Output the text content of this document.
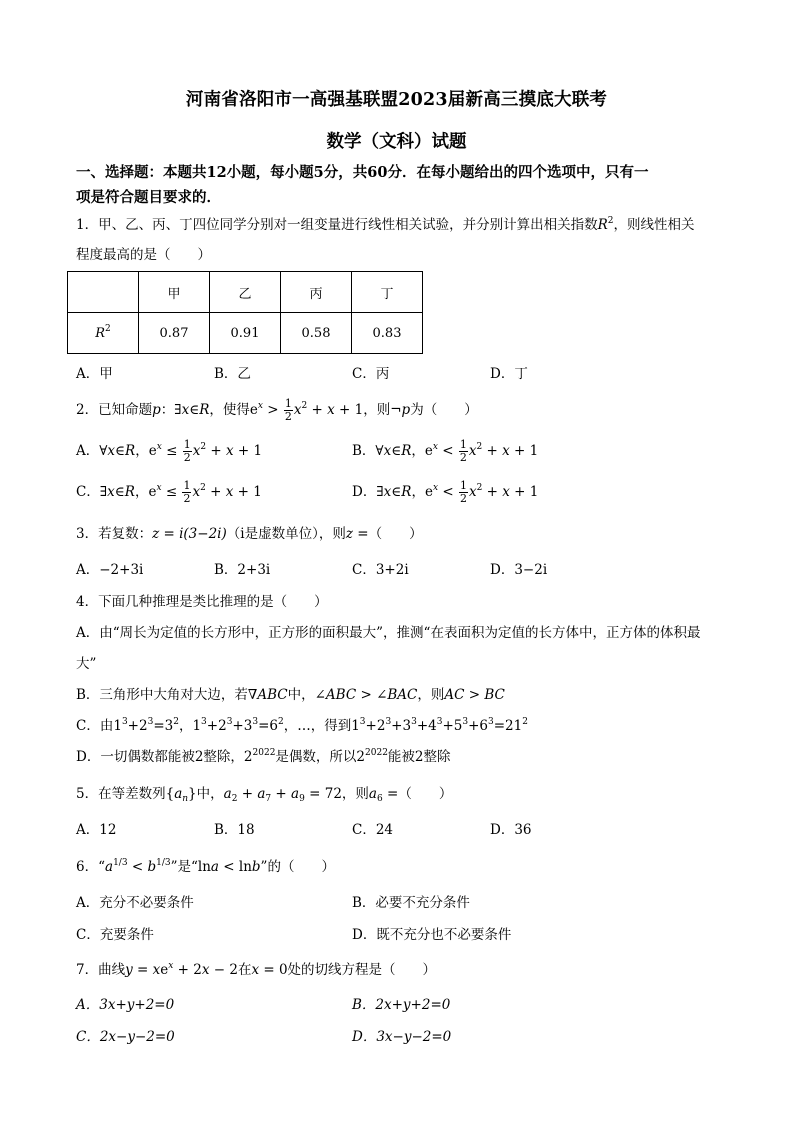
河南省洛阳市一高强基联盟2023届新高三摸底大联考
数学（文科）试题
一、选择题：本题共12小题，每小题5分，共60分．在每小题给出的四个选项中，只有一
项是符合题目要求的．
1．甲、乙、丙、丁四位同学分别对一组变量进行线性相关试验，并分别计算出相关指数$R^2$，则线性相关
程度最高的是（　　）
	甲	乙	丙	丁
$R^2$	0.87	0.91	0.58	0.83
A．甲	B．乙	C．丙	D．丁
2．已知命题p：∃x∈R，使得$e^x > \frac{1}{2} x^2 + x + 1$，则¬p为（　　）
A．∀x∈R，$e^x \le \frac{1}{2} x^2 + x + 1$	B．∀x∈R，$e^x < \frac{1}{2} x^2 + x + 1$
C．∃x∈R，$e^x \le \frac{1}{2} x^2 + x + 1$	D．∃x∈R，$e^x < \frac{1}{2} x^2 + x + 1$
3．若复数：z = i(3−2i)（i是虚数单位），则z =（　　）
A．−2+3i	B．2+3i	C．3+2i	D．3−2i
4．下面几种推理是类比推理的是（　　）
A．由“周长为定值的长方形中，正方形的面积最大”，推测“在表面积为定值的长方体中，正方体的体积最
大”
B．三角形中大角对大边，若∇ABC中，∠ABC > ∠BAC，则AC > BC
C．由$1^3+2^3=3^2$，$1^3+2^3+3^3=6^2$，…，得到$1^3+2^3+3^3+4^3+5^3+6^3=21^2$
D．一切偶数都能被2整除，$2^{2022}$是偶数，所以$2^{2022}$能被2整除
5．在等差数列$\{a_n\}$中，$a_2 + a_7 + a_9 = 72$，则$a_6$ =（　　）
A．12	B．18	C．24	D．36
6．“$a^{1/3} < b^{1/3}$”是“lna < lnb”的（　　）
A．充分不必要条件	B．必要不充分条件
C．充要条件	D．既不充分也不必要条件
7．曲线$y = xe^x + 2x - 2$在x = 0处的切线方程是（　　）
A．3x+y+2=0	B．2x+y+2=0
C．2x−y−2=0	D．3x−y−2=0
